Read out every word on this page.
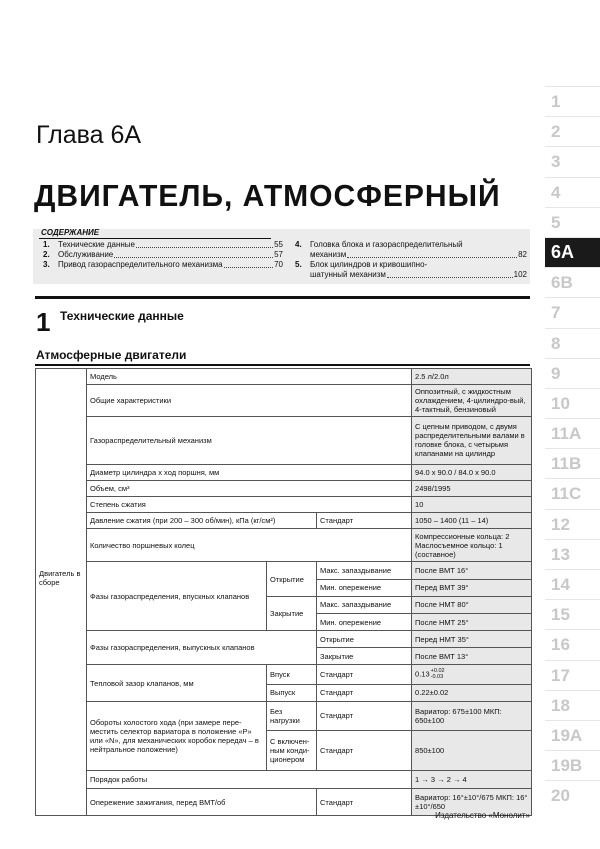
Глава 6А
ДВИГАТЕЛЬ, АТМОСФЕРНЫЙ
СОДЕРЖАНИЕ
1.	Технические данные	55
2.	Обслуживание	57
3.	Привод газораспределительного механизма	70
4.	Головка блока и газораспределительный
механизм	82
5.	Блок цилиндров и кривошипно-
шатунный механизм	102
1 Технические данные
Атмосферные двигатели
Двигатель в сборе	Модель			2.5 л/2.0л
	Общие характеристики			Оппозитный, с жидкостным охлаждением, 4-цилиндро-вый, 4-тактный, бензиновый
	Газораспределительный механизм			С цепным приводом, с двумя распределительными валами в головке блока, с четырьмя клапанами на цилиндр
	Диаметр цилиндра х ход поршня, мм			94.0 x 90.0 / 84.0 x 90.0
	Объем, см³			2498/1995
	Степень сжатия			10
	Давление сжатия (при 200 – 300 об/мин), кПа (кг/см²)		Стандарт	1050 – 1400 (11 – 14)
	Количество поршневых колец			Компрессионные кольца: 2 Маслосъемное кольцо: 1 (составное)
	Фазы газораспределения, впускных клапанов	Открытие	Макс. запаздывание	После ВМТ 16°
			Мин. опережение	Перед ВМТ 39°
		Закрытие	Макс. запаздывание	После НМТ 80°
			Мин. опережение	После НМТ 25°
	Фазы газораспределения, выпускных клапанов		Открытие	Перед НМТ 35°
			Закрытие	После ВМТ 13°
	Тепловой зазор клапанов, мм	Впуск	Стандарт	0.13+0.02
-0.03
		Выпуск	Стандарт	0.22±0.02
	Обороты холостого хода (при замере пере-местить селектор вариатора в положение «P» или «N», для механических коробок передач – в нейтральное положение)	Без нагрузки	Стандарт	Вариатор: 675±100 МКП: 650±100
		С включен-ным конди-ционером	Стандарт	850±100
	Порядок работы			1 → 3 → 2 → 4
	Опережение зажигания, перед ВМТ/об		Стандарт	Вариатор: 16°±10°/675 МКП: 16°±10°/650
1
2
3
4
5
6A
6B
7
8
9
10
11A
11B
11C
12
13
14
15
16
17
18
19A
19B
20
Издательство «Монолит»
